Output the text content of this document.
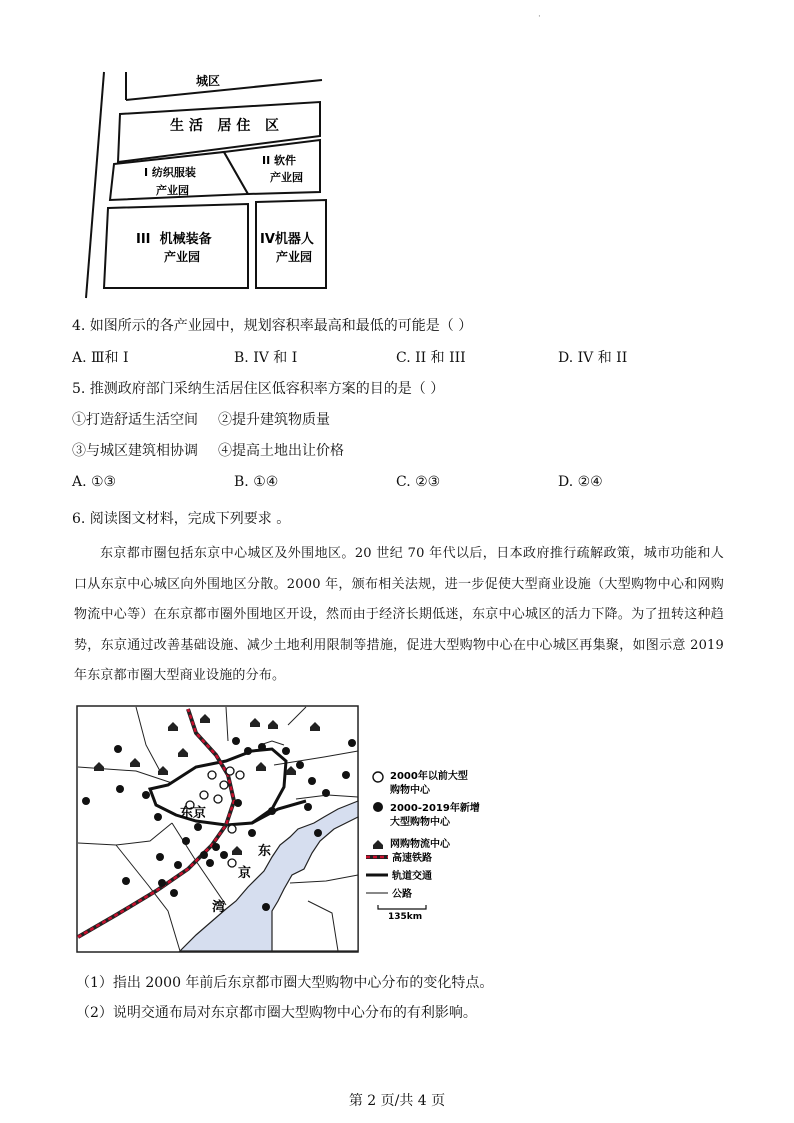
·
城区
生 活   居 住   区
I 纺织服装
产业园
II 软件
产业园
III  机械装备
产业园
IV机器人
产业园
4. 如图所示的各产业园中，规划容积率最高和最低的可能是（ ）
A. Ⅲ和 I	B. IV 和 I	C. II 和 III	D. IV 和 II
5. 推测政府部门采纳生活居住区低容积率方案的目的是（ ）
①打造舒适生活空间 ②提升建筑物质量
③与城区建筑相协调 ④提高土地出让价格
A. ①③	B. ①④	C. ②③	D. ②④
6. 阅读图文材料，完成下列要求 。
东京都市圈包括东京中心城区及外围地区。20 世纪 70 年代以后，日本政府推行疏解政策，城市功能和人口从东京中心城区向外围地区分散。2000 年，颁布相关法规，进一步促使大型商业设施（大型购物中心和网购物流中心等）在东京都市圈外围地区开设，然而由于经济长期低迷，东京中心城区的活力下降。为了扭转这种趋势，东京通过改善基础设施、减少土地利用限制等措施，促进大型购物中心在中心城区再集聚，如图示意 2019 年东京都市圈大型商业设施的分布。
东京
东
京
湾
2000年以前大型
购物中心
2000-2019年新增
大型购物中心
网购物流中心
高速铁路
轨道交通
公路
135km
（1）指出 2000 年前后东京都市圈大型购物中心分布的变化特点。
（2）说明交通布局对东京都市圈大型购物中心分布的有利影响。
第 2 页/共 4 页
